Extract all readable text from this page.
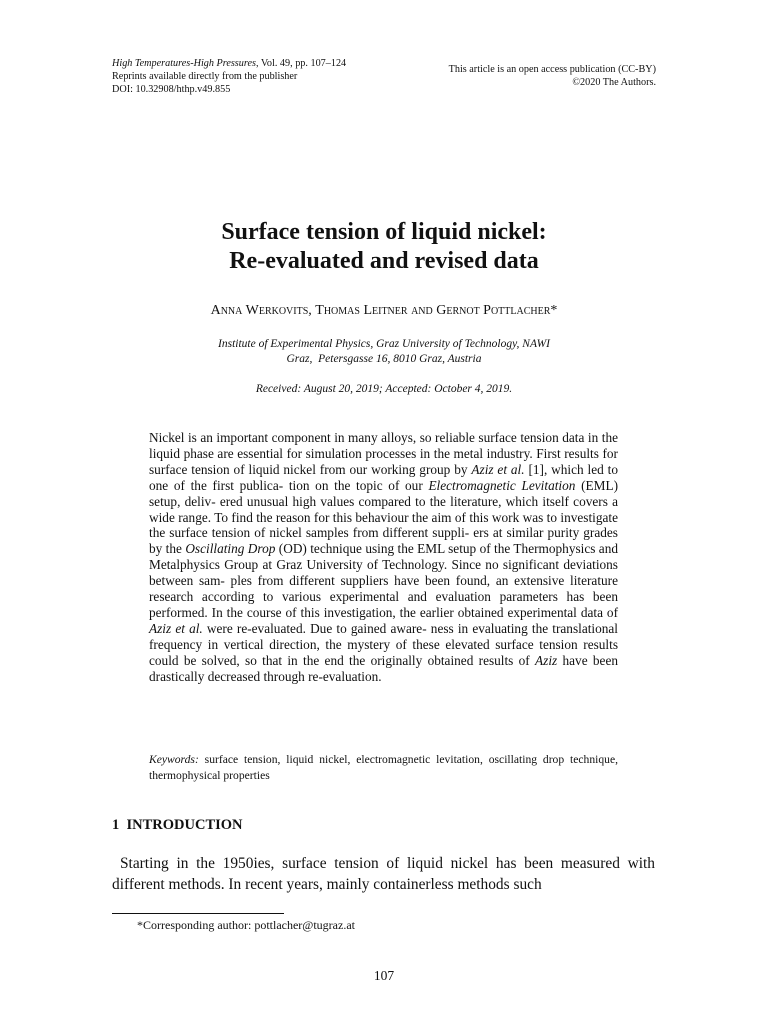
High Temperatures-High Pressures, Vol. 49, pp. 107–124
Reprints available directly from the publisher
DOI: 10.32908/hthp.v49.855
This article is an open access publication (CC-BY)
©2020 The Authors.
Surface tension of liquid nickel:
Re-evaluated and revised data
Anna Werkovits, Thomas Leitner and Gernot Pottlacher*
Institute of Experimental Physics, Graz University of Technology, NAWI
Graz,  Petersgasse 16, 8010 Graz, Austria
Received: August 20, 2019; Accepted: October 4, 2019.

Nickel is an important component in many alloys, so reliable surface tension data in the liquid phase are essential for simulation processes in the metal industry. First results for surface tension of liquid nickel from our working group by Aziz et al. [1], which led to one of the first publica- tion on the topic of our Electromagnetic Levitation (EML) setup, deliv- ered unusual high values compared to the literature, which itself covers a wide range. To find the reason for this behaviour the aim of this work was to investigate the surface tension of nickel samples from different suppli- ers at similar purity grades by the Oscillating Drop (OD) technique using the EML setup of the Thermophysics and Metalphysics Group at Graz University of Technology. Since no significant deviations between sam- ples from different suppliers have been found, an extensive literature research according to various experimental and evaluation parameters has been performed. In the course of this investigation, the earlier obtained experimental data of Aziz et al. were re-evaluated. Due to gained aware- ness in evaluating the translational frequency in vertical direction, the mystery of these elevated surface tension results could be solved, so that in the end the originally obtained results of Aziz have been drastically decreased through re-evaluation.

Keywords: surface tension, liquid nickel, electromagnetic levitation, oscillating drop technique, thermophysical properties
1 INTRODUCTION

Starting in the 1950ies, surface tension of liquid nickel has been measured with different methods. In recent years, mainly containerless methods such

*Corresponding author: pottlacher@tugraz.at
107
